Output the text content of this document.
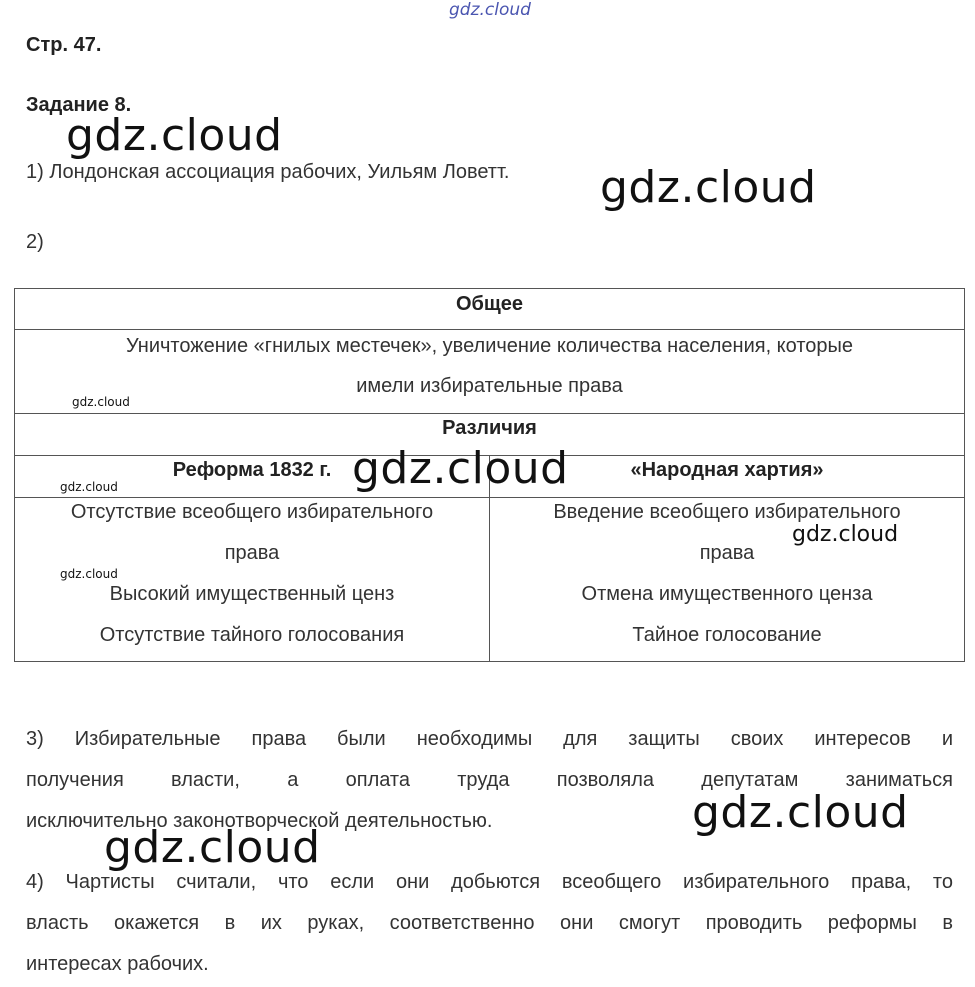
gdz.cloud
Стр. 47.
Задание 8.
1) Лондонская ассоциация рабочих, Уильям Ловетт.
2)
Общее
Уничтожение «гнилых местечек», увеличение количества населения, которые
имели избирательные права
Различия
Реформа 1832 г.	«Народная хартия»
Отсутствие всеобщего избирательного
права
Высокий имущественный ценз
Отсутствие тайного голосования
Введение всеобщего избирательного
права
Отмена имущественного ценза
Тайное голосование
3) Избирательные права были необходимы для защиты своих интересов и
получения власти, а оплата труда позволяла депутатам заниматься
исключительно законотворческой деятельностью.
4) Чартисты считали, что если они добьются всеобщего избирательного права, то
власть окажется в их руках, соответственно они смогут проводить реформы в
интересах рабочих.
gdz.cloud
gdz.cloud
gdz.cloud
gdz.cloud
gdz.cloud
gdz.cloud
gdz.cloud
gdz.cloud
gdz.cloud
